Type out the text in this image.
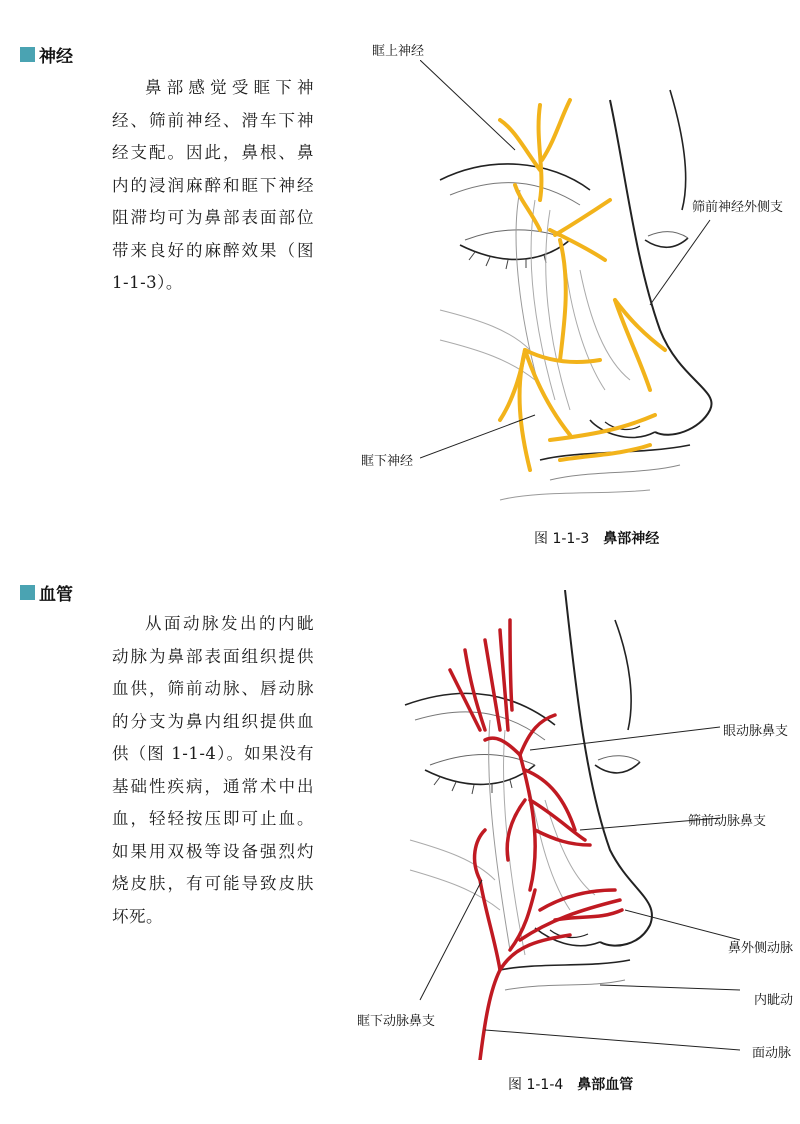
神经
鼻部感觉受眶下神经、筛前神经、滑车下神经支配。因此，鼻根、鼻内的浸润麻醉和眶下神经阻滞均可为鼻部表面部位带来良好的麻醉效果（图 1-1-3）。
眶上神经
筛前神经外侧支
眶下神经
图 1-1-3 鼻部神经
血管
从面动脉发出的内眦动脉为鼻部表面组织提供血供，筛前动脉、唇动脉的分支为鼻内组织提供血供（图 1-1-4）。如果没有基础性疾病，通常术中出血，轻轻按压即可止血。如果用双极等设备强烈灼烧皮肤，有可能导致皮肤坏死。
眼动脉鼻支
筛前动脉鼻支
鼻外侧动脉
内眦动
眶下动脉鼻支
面动脉
图 1-1-4 鼻部血管
